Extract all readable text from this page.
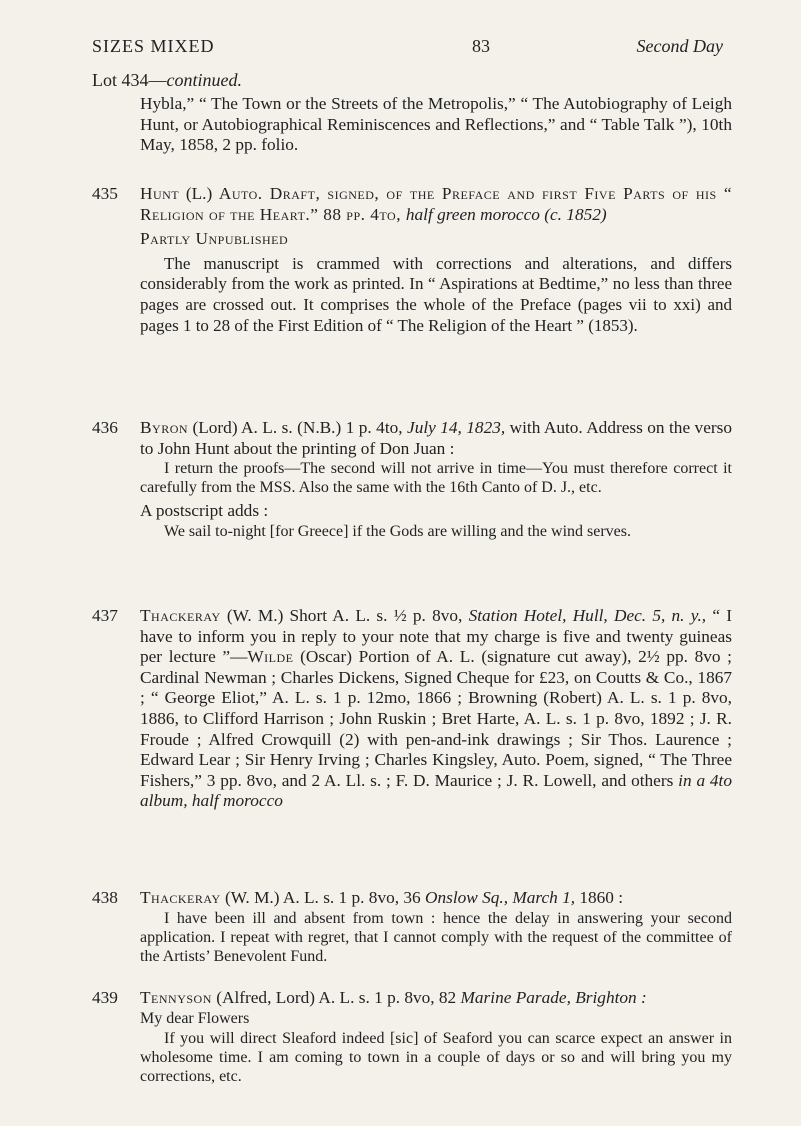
SIZES MIXED	83	Second Day
Lot 434—continued.
Hybla,” “ The Town or the Streets of the Metropolis,” “ The Autobiography of Leigh Hunt, or Autobiographical Reminiscences and Reflections,” and “ Table Talk ”), 10th May, 1858, 2 pp. folio.
435	Hunt (L.) Auto. Draft, signed, of the Preface and first Five Parts of his “ Religion of the Heart.” 88 pp. 4to, half green morocco (c. 1852)
Partly Unpublished
The manuscript is crammed with corrections and alterations, and differs considerably from the work as printed. In “ Aspirations at Bedtime,” no less than three pages are crossed out. It comprises the whole of the Preface (pages vii to xxi) and pages 1 to 28 of the First Edition of “ The Religion of the Heart ” (1853).
436	Byron (Lord) A. L. s. (N.B.) 1 p. 4to, July 14, 1823, with Auto. Address on the verso to John Hunt about the printing of Don Juan :
I return the proofs—The second will not arrive in time—You must therefore correct it carefully from the MSS. Also the same with the 16th Canto of D. J., etc.
A postscript adds :
We sail to-night [for Greece] if the Gods are willing and the wind serves.
437	Thackeray (W. M.) Short A. L. s. ½ p. 8vo, Station Hotel, Hull, Dec. 5, n. y., “ I have to inform you in reply to your note that my charge is five and twenty guineas per lecture ”—Wilde (Oscar) Portion of A. L. (signature cut away), 2½ pp. 8vo ; Cardinal Newman ; Charles Dickens, Signed Cheque for £23, on Coutts & Co., 1867 ; “ George Eliot,” A. L. s. 1 p. 12mo, 1866 ; Browning (Robert) A. L. s. 1 p. 8vo, 1886, to Clifford Harrison ; John Ruskin ; Bret Harte, A. L. s. 1 p. 8vo, 1892 ; J. R. Froude ; Alfred Crowquill (2) with pen-and-ink drawings ; Sir Thos. Laurence ; Edward Lear ; Sir Henry Irving ; Charles Kingsley, Auto. Poem, signed, “ The Three Fishers,” 3 pp. 8vo, and 2 A. Ll. s. ; F. D. Maurice ; J. R. Lowell, and others in a 4to album, half morocco
438	Thackeray (W. M.) A. L. s. 1 p. 8vo, 36 Onslow Sq., March 1, 1860 :
I have been ill and absent from town : hence the delay in answering your second application. I repeat with regret, that I cannot comply with the request of the committee of the Artists’ Benevolent Fund.
439	Tennyson (Alfred, Lord) A. L. s. 1 p. 8vo, 82 Marine Parade, Brighton :
My dear Flowers
If you will direct Sleaford indeed [sic] of Seaford you can scarce expect an answer in wholesome time. I am coming to town in a couple of days or so and will bring you my corrections, etc.
